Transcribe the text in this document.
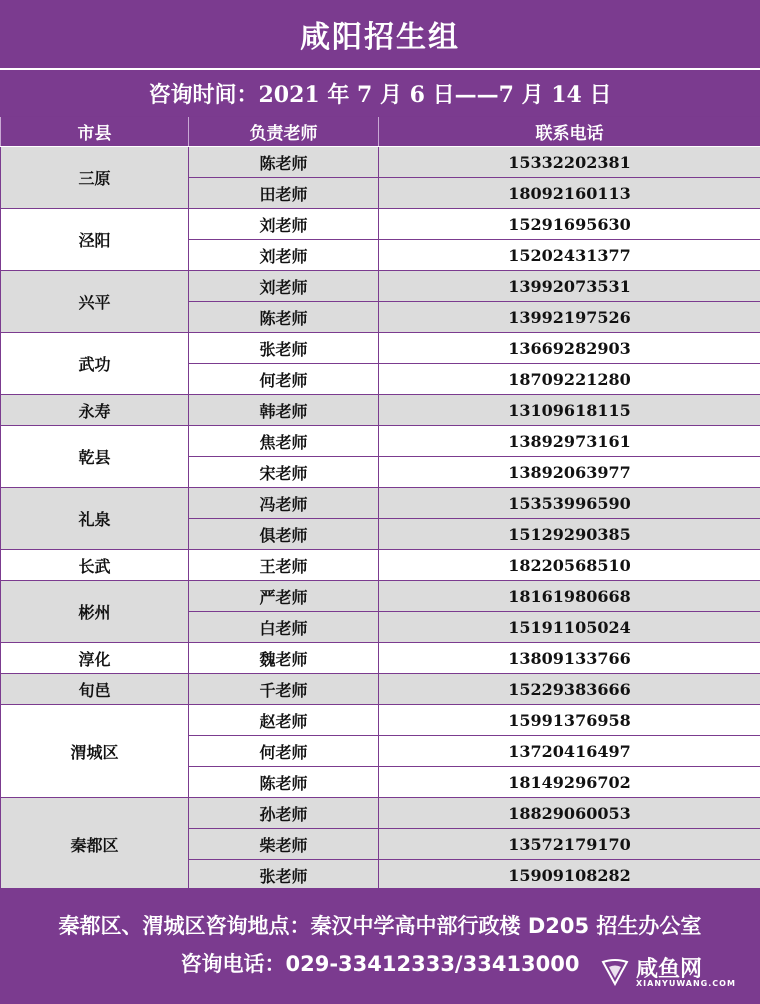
咸阳招生组
咨询时间：2021 年 7 月 6 日——7 月 14 日
市县	负责老师	联系电话
三原	陈老师	15332202381
	田老师	18092160113
泾阳	刘老师	15291695630
	刘老师	15202431377
兴平	刘老师	13992073531
	陈老师	13992197526
武功	张老师	13669282903
	何老师	18709221280
永寿	韩老师	13109618115
乾县	焦老师	13892973161
	宋老师	13892063977
礼泉	冯老师	15353996590
	俱老师	15129290385
长武	王老师	18220568510
彬州	严老师	18161980668
	白老师	15191105024
淳化	魏老师	13809133766
旬邑	千老师	15229383666
渭城区	赵老师	15991376958
	何老师	13720416497
	陈老师	18149296702
秦都区	孙老师	18829060053
	柴老师	13572179170
	张老师	15909108282
秦都区、渭城区咨询地点：秦汉中学高中部行政楼 D205 招生办公室
咨询电话：029-33412333/33413000	咸鱼网
XIANYUWANG.COM
